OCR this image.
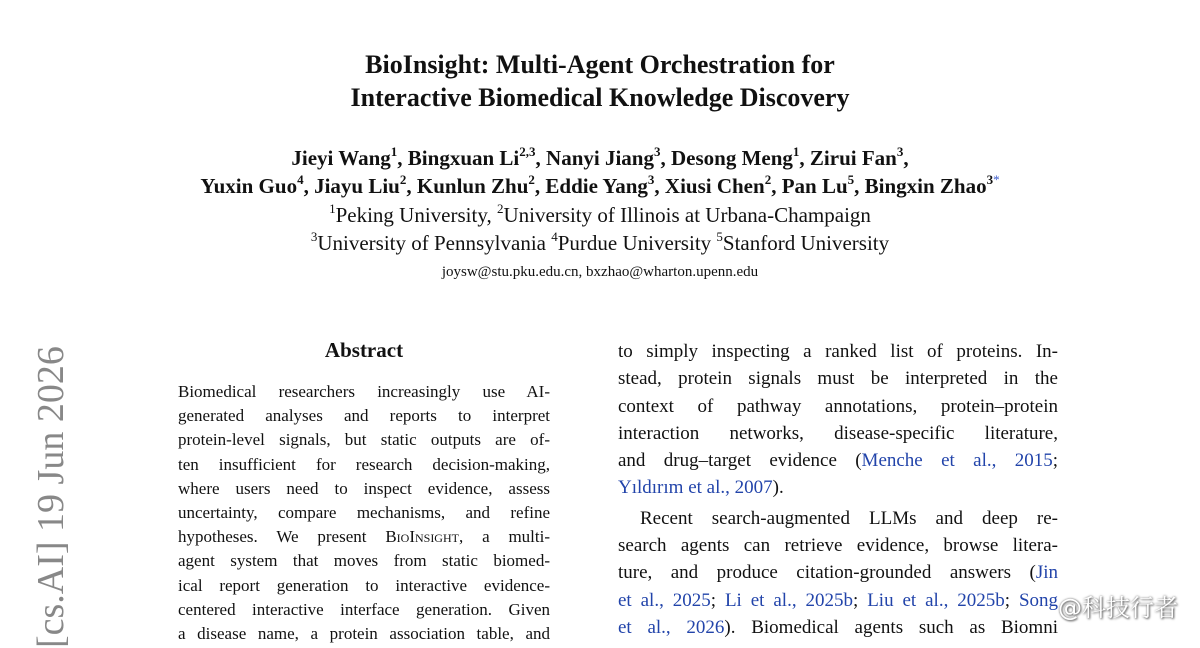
BioInsight: Multi-Agent Orchestration for
Interactive Biomedical Knowledge Discovery
Jieyi Wang$^1$, Bingxuan Li$^{2,3}$, Nanyi Jiang$^3$, Desong Meng$^1$, Zirui Fan$^3$,
Yuxin Guo$^4$, Jiayu Liu$^2$, Kunlun Zhu$^2$, Eddie Yang$^3$, Xiusi Chen$^2$, Pan Lu$^5$, Bingxin Zhao$^{3*}$
$^1$Peking University, $^2$University of Illinois at Urbana-Champaign
$^3$University of Pennsylvania $^4$Purdue University $^5$Stanford University
joysw@stu.pku.edu.cn, bxzhao@wharton.upenn.edu
Abstract
Biomedical researchers increasingly use AI-
generated analyses and reports to interpret
protein-level signals, but static outputs are of-
ten insufficient for research decision-making,
where users need to inspect evidence, assess
uncertainty, compare mechanisms, and refine
hypotheses. We present BioInsight, a multi-
agent system that moves from static biomed-
ical report generation to interactive evidence-
centered interactive interface generation. Given
a disease name, a protein association table, and
to simply inspecting a ranked list of proteins. In-
stead, protein signals must be interpreted in the
context of pathway annotations, protein–protein
interaction networks, disease-specific literature,
and drug–target evidence (Menche et al., 2015;
Yıldırım et al., 2007).
Recent search-augmented LLMs and deep re-
search agents can retrieve evidence, browse litera-
ture, and produce citation-grounded answers (Jin
et al., 2025; Li et al., 2025b; Liu et al., 2025b; Song
et al., 2026). Biomedical agents such as Biomni
[cs.AI] 19 Jun 2026	@科技行者
